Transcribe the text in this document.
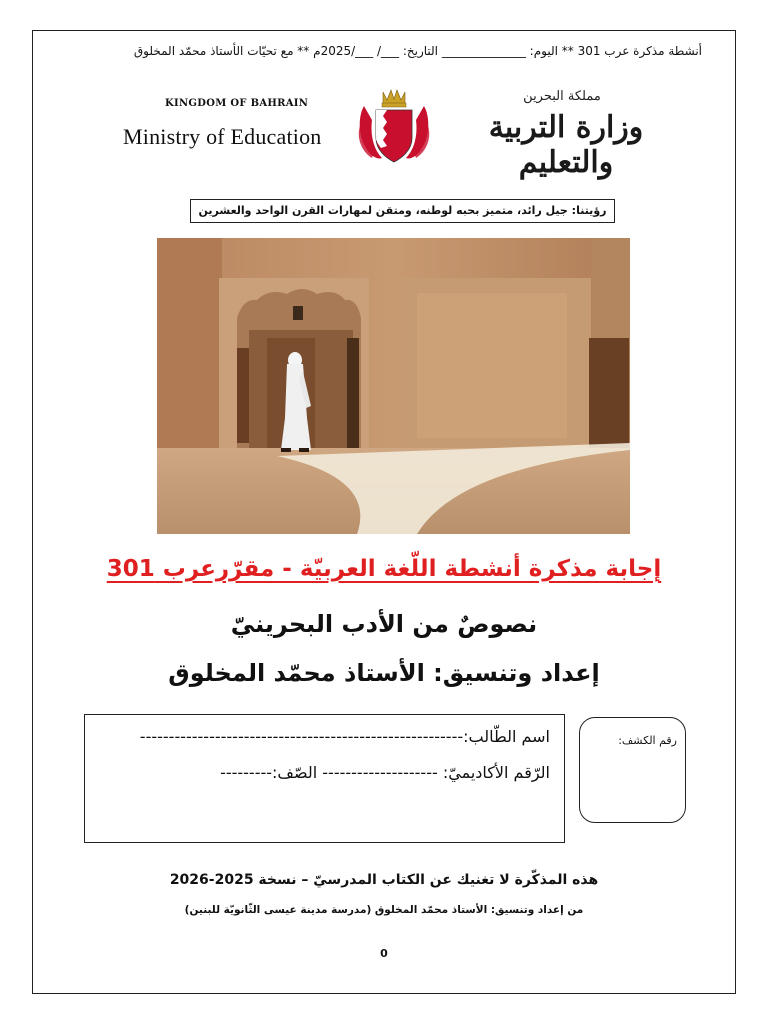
أنشطة مذكرة عرب 301 ** اليوم: ______________ التاريخ: ___/ ___/2025م ** مع تحيّات الأستاذ محمّد المخلوق
KINGDOM OF BAHRAIN
Ministry of Education
مملكة البحرين
وزارة التربية والتعليم
رؤيتنا: جيل رائد، متميز بحبه لوطنه، ومتقن لمهارات القرن الواحد والعشرين
إجابة مذكرة أنشطة اللّغة العربيّة - مقرّرعرب 301
نصوصٌ من الأدب البحرينيّ
إعداد وتنسيق: الأستاذ محمّد المخلوق
اسم الطّالب:--------------------------------------------------------
الرّقم الأكاديميّ: -------------------- الصّف:---------
رقم الكشف:
هذه المذكّرة لا تغنيك عن الكتاب المدرسيّ – نسخة 2025-2026
من إعداد وتنسيق: الأستاذ محمّد المخلوق (مدرسة مدينة عيسى الثّانويّة للبنين)
0
